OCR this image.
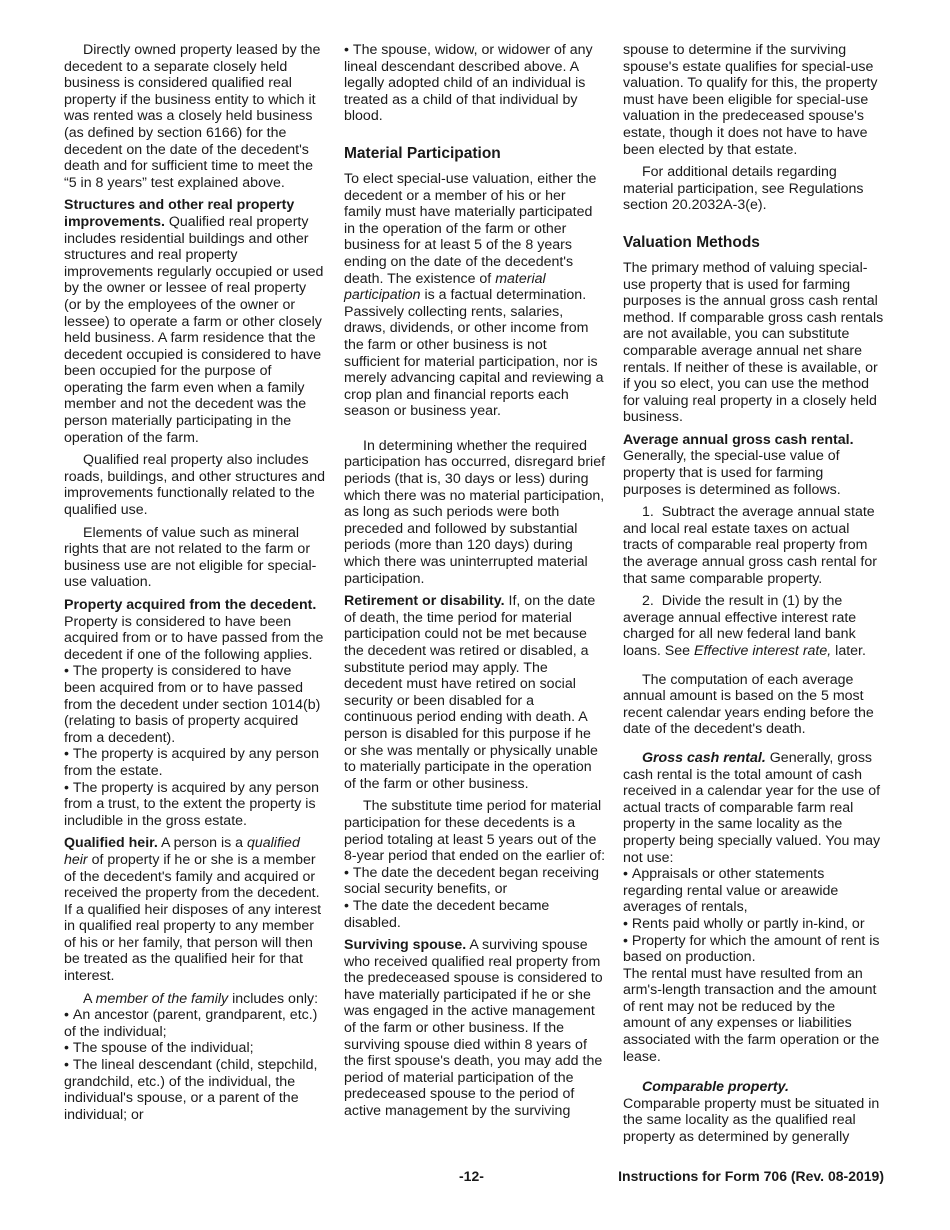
Directly owned property leased by the decedent to a separate closely held business is considered qualified real property if the business entity to which it was rented was a closely held business (as defined by section 6166) for the decedent on the date of the decedent's death and for sufficient time to meet the “5 in 8 years” test explained above.

Structures and other real property improvements. Qualified real property includes residential buildings and other structures and real property improvements regularly occupied or used by the owner or lessee of real property (or by the employees of the owner or lessee) to operate a farm or other closely held business. A farm residence that the decedent occupied is considered to have been occupied for the purpose of operating the farm even when a family member and not the decedent was the person materially participating in the operation of the farm.

Qualified real property also includes roads, buildings, and other structures and improvements functionally related to the qualified use.

Elements of value such as mineral rights that are not related to the farm or business use are not eligible for special-use valuation.

Property acquired from the decedent. Property is considered to have been acquired from or to have passed from the decedent if one of the following applies.

• The property is considered to have been acquired from or to have passed from the decedent under section 1014(b) (relating to basis of property acquired from a decedent).

• The property is acquired by any person from the estate.

• The property is acquired by any person from a trust, to the extent the property is includible in the gross estate.

Qualified heir. A person is a qualified heir of property if he or she is a member of the decedent's family and acquired or received the property from the decedent. If a qualified heir disposes of any interest in qualified real property to any member of his or her family, that person will then be treated as the qualified heir for that interest.

A member of the family includes only:

• An ancestor (parent, grandparent, etc.) of the individual;

• The spouse of the individual;

• The lineal descendant (child, stepchild, grandchild, etc.) of the individual, the individual's spouse, or a parent of the individual; or

• The spouse, widow, or widower of any lineal descendant described above. A legally adopted child of an individual is treated as a child of that individual by blood.

Material Participation

To elect special-use valuation, either the decedent or a member of his or her family must have materially participated in the operation of the farm or other business for at least 5 of the 8 years ending on the date of the decedent's death. The existence of material participation is a factual determination. Passively collecting rents, salaries, draws, dividends, or other income from the farm or other business is not sufficient for material participation, nor is merely advancing capital and reviewing a crop plan and financial reports each season or business year.

In determining whether the required participation has occurred, disregard brief periods (that is, 30 days or less) during which there was no material participation, as long as such periods were both preceded and followed by substantial periods (more than 120 days) during which there was uninterrupted material participation.

Retirement or disability. If, on the date of death, the time period for material participation could not be met because the decedent was retired or disabled, a substitute period may apply. The decedent must have retired on social security or been disabled for a continuous period ending with death. A person is disabled for this purpose if he or she was mentally or physically unable to materially participate in the operation of the farm or other business.

The substitute time period for material participation for these decedents is a period totaling at least 5 years out of the 8-year period that ended on the earlier of:

• The date the decedent began receiving social security benefits, or

• The date the decedent became disabled.

Surviving spouse. A surviving spouse who received qualified real property from the predeceased spouse is considered to have materially participated if he or she was engaged in the active management of the farm or other business. If the surviving spouse died within 8 years of the first spouse's death, you may add the period of material participation of the predeceased spouse to the period of active management by the surviving

spouse to determine if the surviving spouse's estate qualifies for special-use valuation. To qualify for this, the property must have been eligible for special-use valuation in the predeceased spouse's estate, though it does not have to have been elected by that estate.

For additional details regarding material participation, see Regulations section 20.2032A-3(e).

Valuation Methods

The primary method of valuing special-use property that is used for farming purposes is the annual gross cash rental method. If comparable gross cash rentals are not available, you can substitute comparable average annual net share rentals. If neither of these is available, or if you so elect, you can use the method for valuing real property in a closely held business.

Average annual gross cash rental. Generally, the special-use value of property that is used for farming purposes is determined as follows.

1.  Subtract the average annual state and local real estate taxes on actual tracts of comparable real property from the average annual gross cash rental for that same comparable property.

2.  Divide the result in (1) by the average annual effective interest rate charged for all new federal land bank loans. See Effective interest rate, later.

The computation of each average annual amount is based on the 5 most recent calendar years ending before the date of the decedent's death.

Gross cash rental. Generally, gross cash rental is the total amount of cash received in a calendar year for the use of actual tracts of comparable farm real property in the same locality as the property being specially valued. You may not use:

• Appraisals or other statements regarding rental value or areawide averages of rentals,

• Rents paid wholly or partly in-kind, or

• Property for which the amount of rent is based on production.

The rental must have resulted from an arm's-length transaction and the amount of rent may not be reduced by the amount of any expenses or liabilities associated with the farm operation or the lease.

Comparable property.

Comparable property must be situated in the same locality as the qualified real property as determined by generally

-12-	Instructions for Form 706 (Rev. 08-2019)
